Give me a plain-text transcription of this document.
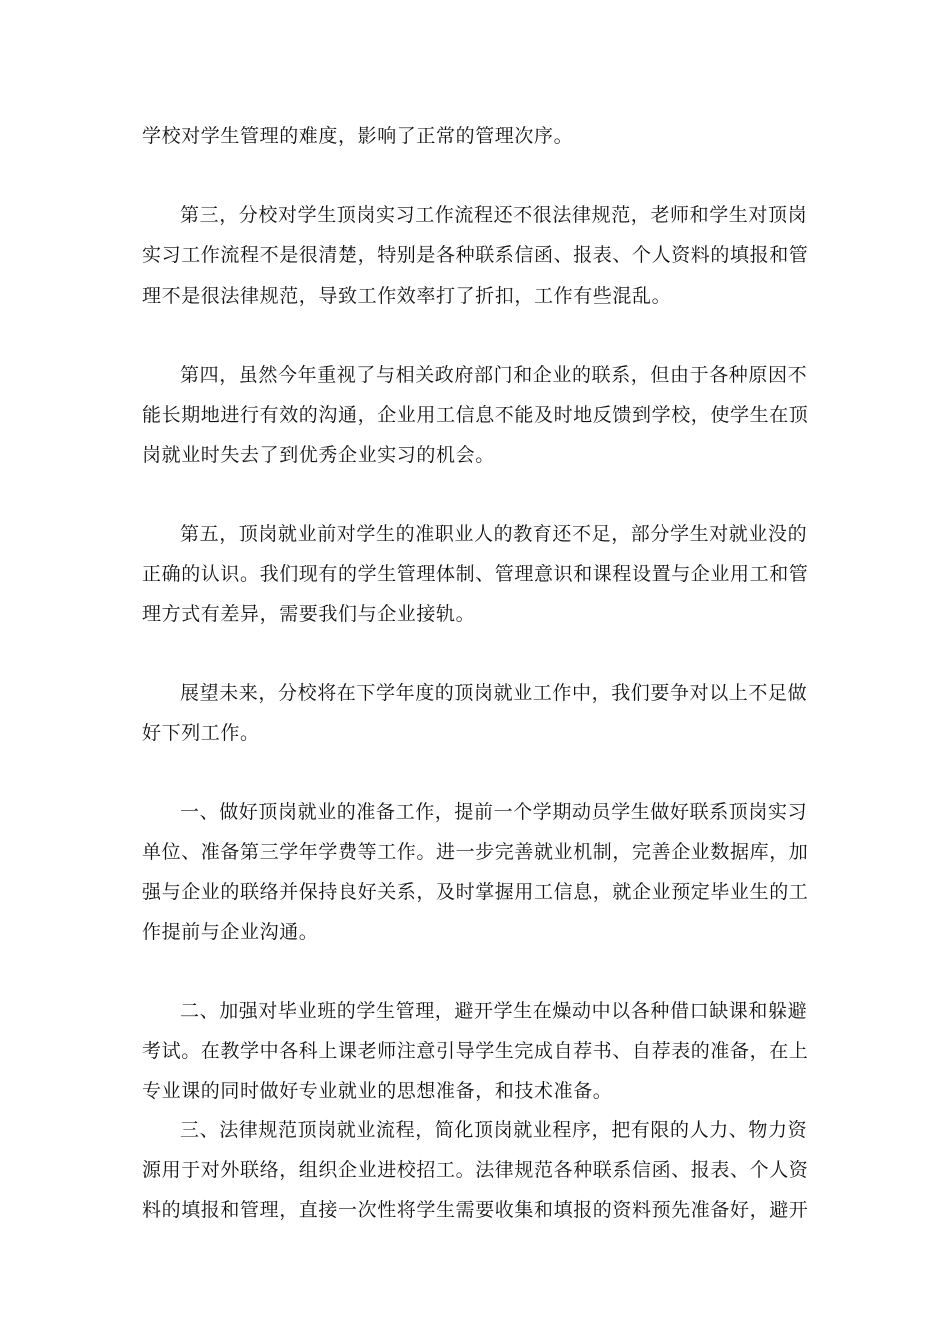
学校对学生管理的难度，影响了正常的管理次序。
第三，分校对学生顶岗实习工作流程还不很法律规范，老师和学生对顶岗
实习工作流程不是很清楚，特别是各种联系信函、报表、个人资料的填报和管
理不是很法律规范，导致工作效率打了折扣，工作有些混乱。
第四，虽然今年重视了与相关政府部门和企业的联系，但由于各种原因不
能长期地进行有效的沟通，企业用工信息不能及时地反馈到学校，使学生在顶
岗就业时失去了到优秀企业实习的机会。
第五，顶岗就业前对学生的准职业人的教育还不足，部分学生对就业没的
正确的认识。我们现有的学生管理体制、管理意识和课程设置与企业用工和管
理方式有差异，需要我们与企业接轨。
展望未来，分校将在下学年度的顶岗就业工作中，我们要争对以上不足做
好下列工作。
一、做好顶岗就业的准备工作，提前一个学期动员学生做好联系顶岗实习
单位、准备第三学年学费等工作。进一步完善就业机制，完善企业数据库，加
强与企业的联络并保持良好关系，及时掌握用工信息，就企业预定毕业生的工
作提前与企业沟通。
二、加强对毕业班的学生管理，避开学生在燥动中以各种借口缺课和躲避
考试。在教学中各科上课老师注意引导学生完成自荐书、自荐表的准备，在上
专业课的同时做好专业就业的思想准备，和技术准备。
三、法律规范顶岗就业流程，简化顶岗就业程序，把有限的人力、物力资
源用于对外联络，组织企业进校招工。法律规范各种联系信函、报表、个人资
料的填报和管理，直接一次性将学生需要收集和填报的资料预先准备好，避开
